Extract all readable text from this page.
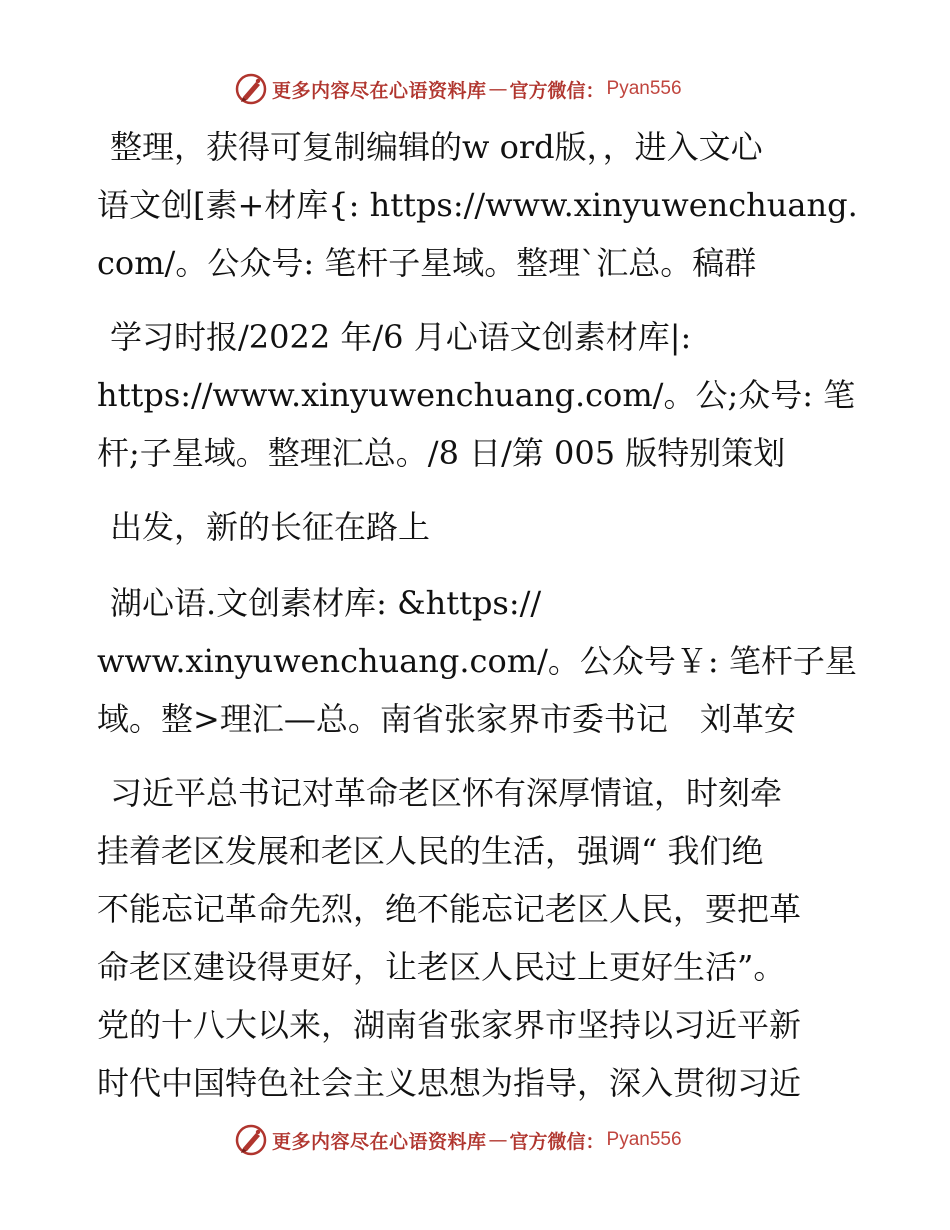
更多内容尽在心语资料库 — 官方微信： Pyan556

整理，获得可复制编辑的w ord版，，进入文心
语文创[素+材库{: https://www.xinyuwenchuang.
com/。公众号: 笔杆子星域。整理`汇总。稿群

学习时报/2022 年/6 月心语文创素材库|:
https://www.xinyuwenchuang.com/。公;众号: 笔
杆;子星域。整理汇总。/8 日/第 005 版特别策划

出发，新的长征在路上

湖心语.文创素材库: &https://
www.xinyuwenchuang.com/。公众号￥: 笔杆子星
域。整>理汇—总。南省张家界市委书记　刘革安

习近平总书记对革命老区怀有深厚情谊，时刻牵
挂着老区发展和老区人民的生活，强调“ 我们绝
不能忘记革命先烈，绝不能忘记老区人民，要把革
命老区建设得更好，让老区人民过上更好生活”。
党的十八大以来，湖南省张家界市坚持以习近平新
时代中国特色社会主义思想为指导，深入贯彻习近

更多内容尽在心语资料库 — 官方微信： Pyan556
